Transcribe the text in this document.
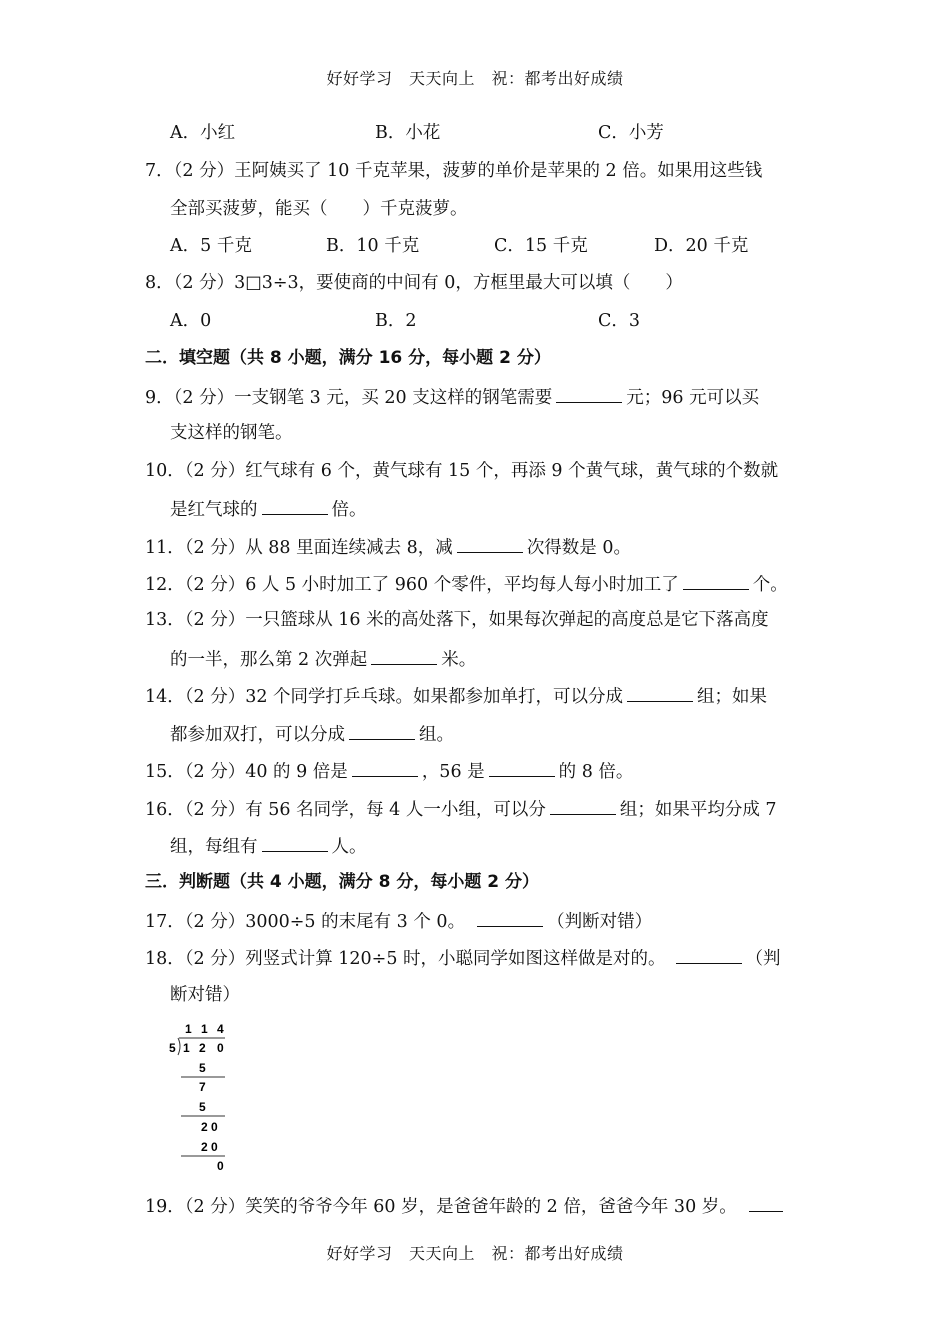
好好学习　天天向上　祝：都考出好成绩
A．小红	B．小花	C．小芳
7．（2 分）王阿姨买了 10 千克苹果，菠萝的单价是苹果的 2 倍。如果用这些钱
全部买菠萝，能买（　　）千克菠萝。
A．5 千克	B．10 千克	C．15 千克	D．20 千克
8．（2 分）3□3÷3，要使商的中间有 0，方框里最大可以填（　　）
A．0	B．2	C．3
二．填空题（共 8 小题，满分 16 分，每小题 2 分）
9．（2 分）一支钢笔 3 元，买 20 支这样的钢笔需要	元；96 元可以买
支这样的钢笔。
10．（2 分）红气球有 6 个，黄气球有 15 个，再添 9 个黄气球，黄气球的个数就
是红气球的	倍。
11．（2 分）从 88 里面连续减去 8，减	次得数是 0。
12．（2 分）6 人 5 小时加工了 960 个零件，平均每人每小时加工了	个。
13．（2 分）一只篮球从 16 米的高处落下，如果每次弹起的高度总是它下落高度
的一半，那么第 2 次弹起	米。
14．（2 分）32 个同学打乒乓球。如果都参加单打，可以分成	组；如果
都参加双打，可以分成	组。
15．（2 分）40 的 9 倍是	，56 是	的 8 倍。
16．（2 分）有 56 名同学，每 4 人一小组，可以分	组；如果平均分成 7
组，每组有	人。
三．判断题（共 4 小题，满分 8 分，每小题 2 分）
17．（2 分）3000÷5 的末尾有 3 个 0。	（判断对错）
18．（2 分）列竖式计算 120÷5 时，小聪同学如图这样做是对的。	（判
断对错）
1 1 4
5 1 2 0
5
7
5
2 0
2 0
0
19．（2 分）笑笑的爷爷今年 60 岁，是爸爸年龄的 2 倍，爸爸今年 30 岁。
好好学习　天天向上　祝：都考出好成绩
